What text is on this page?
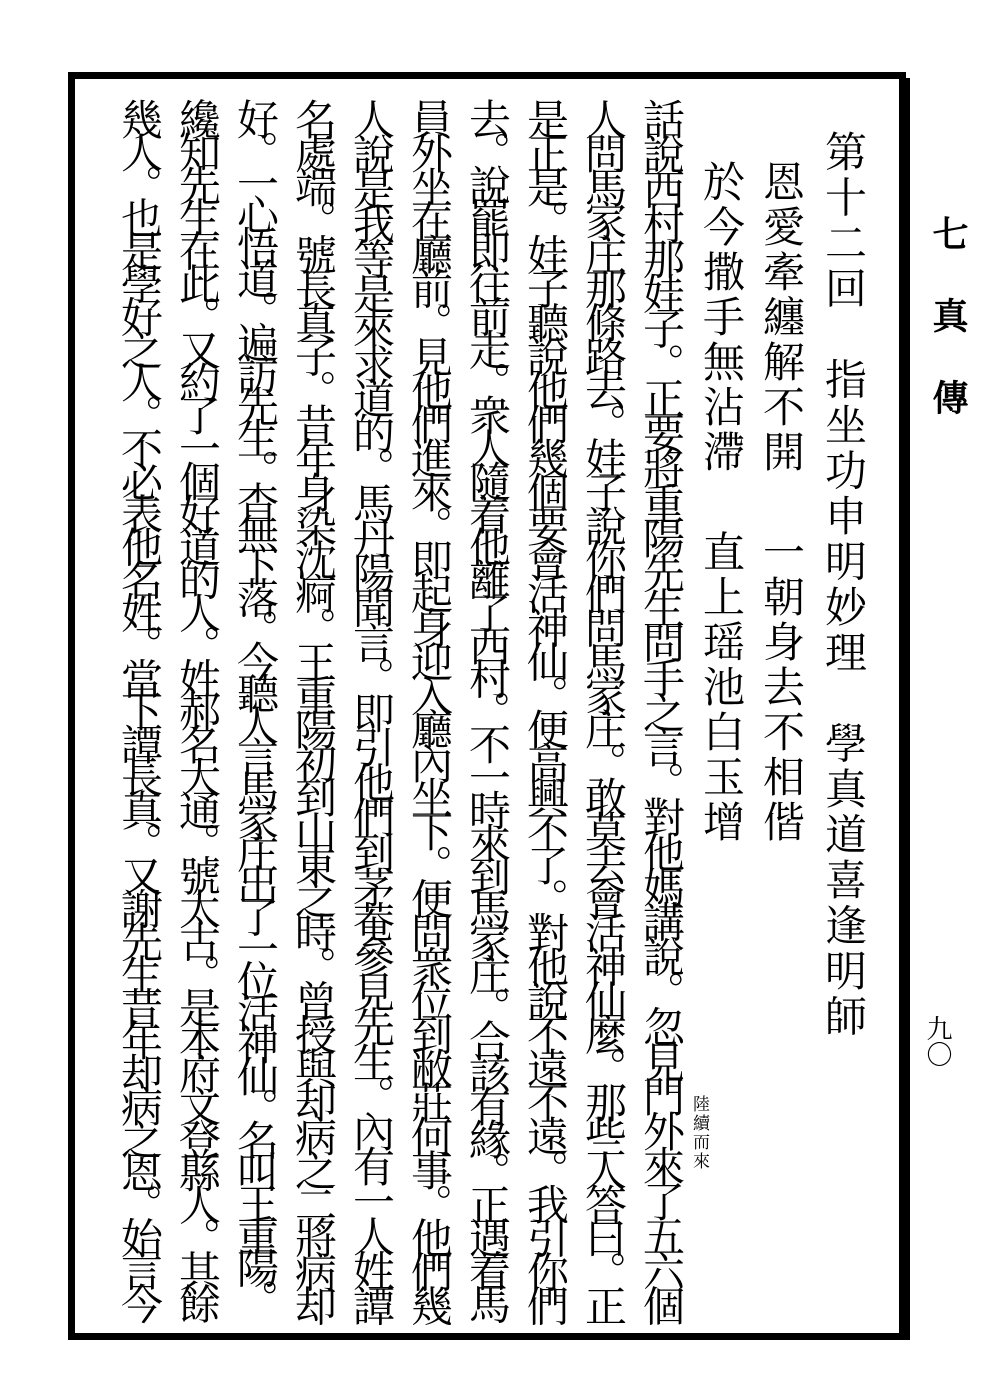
七 真 傳
九〇
第十二回　指坐功申明妙理　學真道喜逢明師
恩愛牽纏解不開
一朝身去不相偕
於今撒手無沾滯
直上瑶池白玉增
陸續而來
話說西村那娃子。正要將重陽先生問手之言。對他媽講說。忽見門外來了五六個
人問馬家庄那條路去。娃子說你們問馬家庄。敢莫去會活神仙麼。那些人答曰。正
是正是。娃子聽說他們幾個要會活神仙。便高興不了。對他說不遠不遠。我引你們
去。說罷即往前走。衆人隨着他離了西村。不一時來到馬家庄。合該有緣。正遇着馬
員外坐在廳前。見他們進來。即起身迎入廳內坐下。便問衆位到敝莊何事。他們幾
人說是我等是來求道的。馬丹陽聞言。即引他們到茅菴參見先生。內有一人姓譚
名處端。號長真子。昔年身染沈痾。王重陽初到山東之時。曾授與却病之二將病却
好。一心悟道。遍訪先生。杳無下落。今聽人言馬家庄出了一位活神仙。名叫王重陽。
纔知先生在此。又約了一個好道的人。姓郝名大通。號太古。是本府文登縣人。其餘
幾人。也是學好之人。不必表他名姓。當下譚長真。又謝先生昔年却病之恩。始言今
